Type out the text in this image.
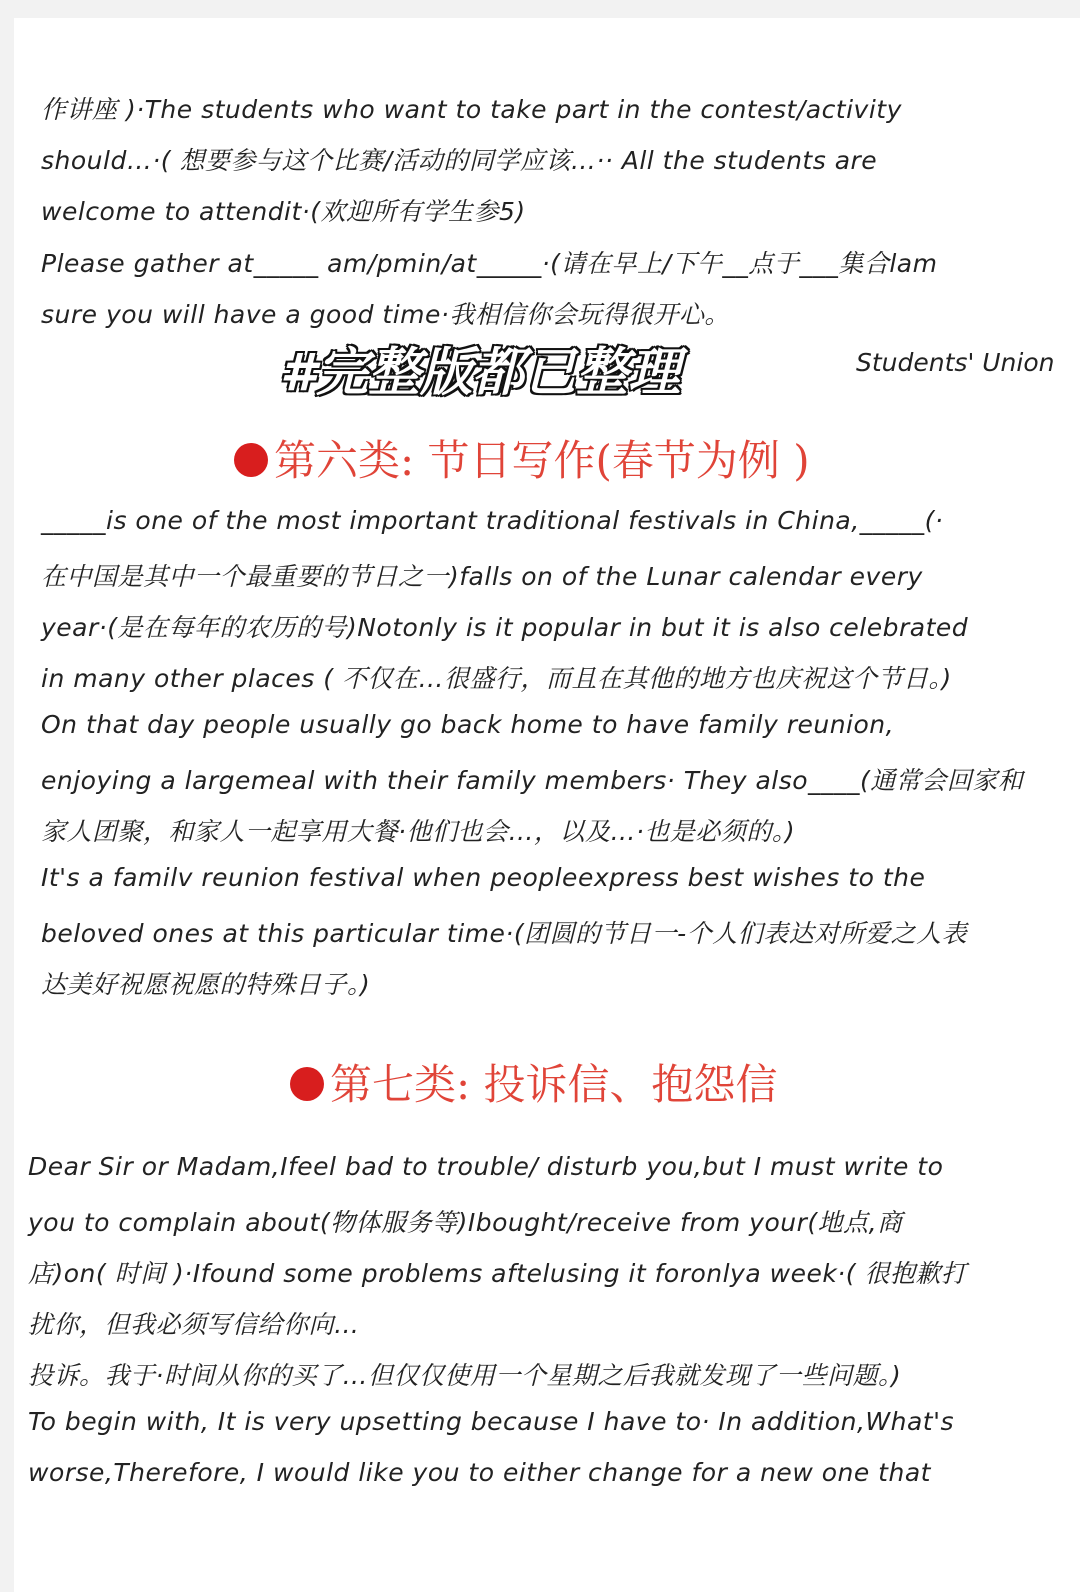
作讲座 )·The students who want to take part in the contest/activity
should…·( 想要参与这个比赛/活动的同学应该…·· All the students are
welcome to attendit·(欢迎所有学生参5)
Please gather at_____ am/pmin/at_____·(请在早上/下午__点于___集合lam
sure you will have a good time·我相信你会玩得很开心。
#完整版都已整理	Students' Union
第六类: 节日写作(春节为例 )
_____is one of the most important traditional festivals in China,_____(·
在中国是其中一个最重要的节日之一)falls on of the Lunar calendar every
year·(是在每年的农历的号)Notonly is it popular in but it is also celebrated
in many other places ( 不仅在…很盛行，而且在其他的地方也庆祝这个节日。)
On that day people usually go back home to have family reunion,
enjoying a largemeal with their family members· They also____(通常会回家和
家人团聚，和家人一起享用大餐·他们也会…，以及…·也是必须的。)
It's a familv reunion festival when peopleexpress best wishes to the
beloved ones at this particular time·(团圆的节日一-个人们表达对所爱之人表
达美好祝愿祝愿的特殊日子。)
第七类: 投诉信、抱怨信
Dear Sir or Madam,Ifeel bad to trouble/ disturb you,but I must write to
you to complain about(物体服务等)Ibought/receive from your(地点,商
店)on( 时间 )·Ifound some problems aftelusing it foronlya week·( 很抱歉打
扰你，但我必须写信给你向…
投诉。我于·时间从你的买了…但仅仅使用一个星期之后我就发现了一些问题。)
To begin with, It is very upsetting because I have to· In addition,What's
worse,Therefore, I would like you to either change for a new one that
